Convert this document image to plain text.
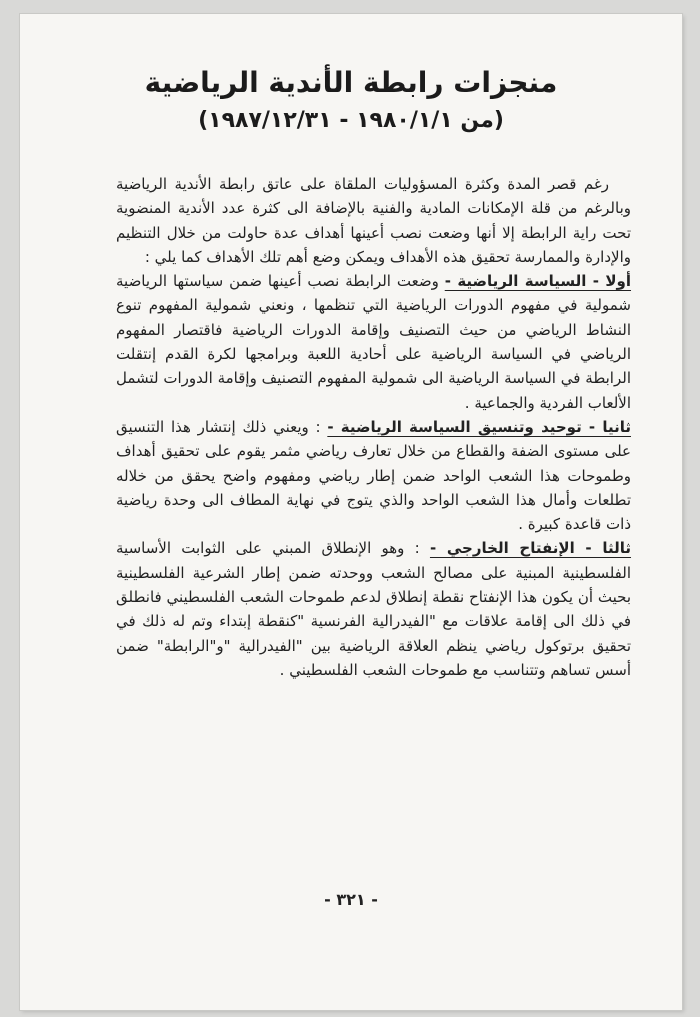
منجزات رابطة الأندية الرياضية
(من ١٩٨٠/١/١ - ١٩٨٧/١٢/٣١)

رغم قصر المدة وكثرة المسؤوليات الملقاة على عاتق رابطة الأندية الرياضية وبالرغم من قلة الإمكانات المادية والفنية بالإضافة الى كثرة عدد الأندية المنضوية تحت راية الرابطة إلا أنها وضعت نصب أعينها أهداف عدة حاولت من خلال التنظيم والإدارة والممارسة تحقيق هذه الأهداف ويمكن وضع أهم تلك الأهداف كما يلي :

أولا - السياسة الرياضية - وضعت الرابطة نصب أعينها ضمن سياستها الرياضية شمولية في مفهوم الدورات الرياضية التي تنظمها ، ونعني شمولية المفهوم تنوع النشاط الرياضي من حيث التصنيف وإقامة الدورات الرياضية فاقتصار المفهوم الرياضي في السياسة الرياضية على أحادية اللعبة وبرامجها لكرة القدم إنتقلت الرابطة في السياسة الرياضية الى شمولية المفهوم التصنيف وإقامة الدورات لتشمل الألعاب الفردية والجماعية .

ثانيا - توحيد وتنسيق السياسة الرياضية - : ويعني ذلك إنتشار هذا التنسيق على مستوى الضفة والقطاع من خلال تعارف رياضي مثمر يقوم على تحقيق أهداف وطموحات هذا الشعب الواحد ضمن إطار رياضي ومفهوم واضح يحقق من خلاله تطلعات وأمال هذا الشعب الواحد والذي يتوج في نهاية المطاف الى وحدة رياضية ذات قاعدة كبيرة .

ثالثا - الإنفتاح الخارجي - : وهو الإنطلاق المبني على الثوابت الأساسية الفلسطينية المبنية على مصالح الشعب ووحدته ضمن إطار الشرعية الفلسطينية بحيث أن يكون هذا الإنفتاح نقطة إنطلاق لدعم طموحات الشعب الفلسطيني فانطلق في ذلك الى إقامة علاقات مع "الفيدرالية الفرنسية "كنقطة إبتداء وتم له ذلك في تحقيق برتوكول رياضي ينظم العلاقة الرياضية بين "الفيدرالية "و"الرابطة" ضمن أسس تساهم وتتناسب مع طموحات الشعب الفلسطيني .

- ٣٢١ -
